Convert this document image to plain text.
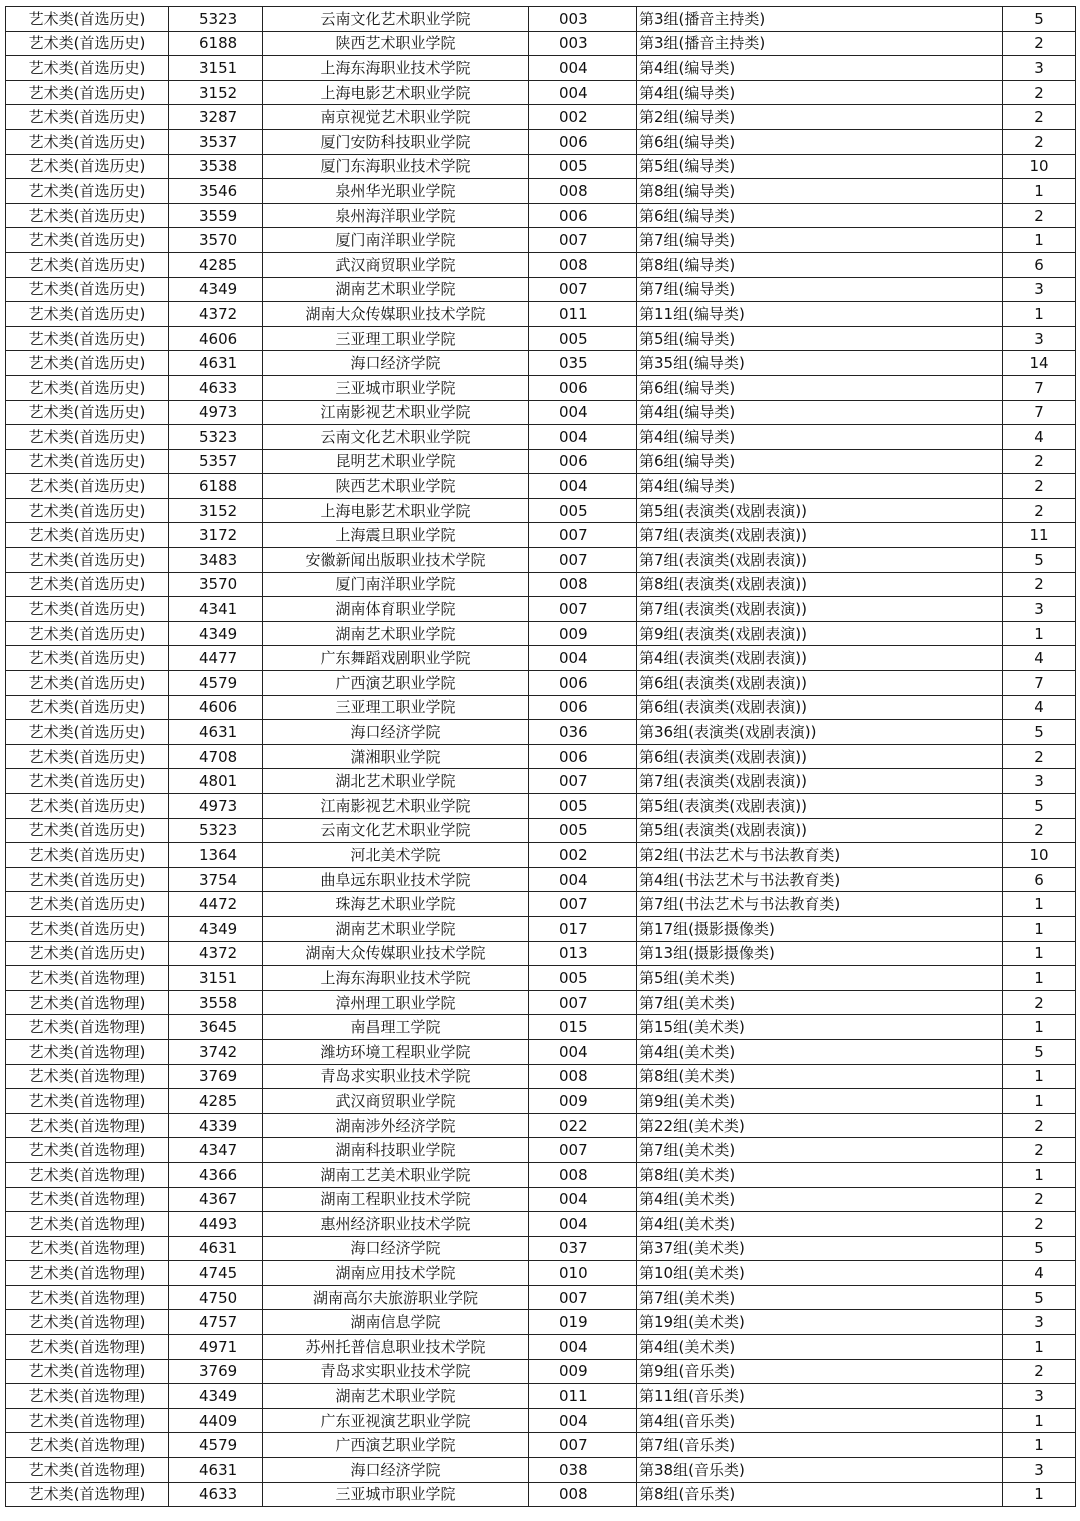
艺术类(首选历史)	5323	云南文化艺术职业学院	003	第3组(播音主持类)	5
艺术类(首选历史)	6188	陕西艺术职业学院	003	第3组(播音主持类)	2
艺术类(首选历史)	3151	上海东海职业技术学院	004	第4组(编导类)	3
艺术类(首选历史)	3152	上海电影艺术职业学院	004	第4组(编导类)	2
艺术类(首选历史)	3287	南京视觉艺术职业学院	002	第2组(编导类)	2
艺术类(首选历史)	3537	厦门安防科技职业学院	006	第6组(编导类)	2
艺术类(首选历史)	3538	厦门东海职业技术学院	005	第5组(编导类)	10
艺术类(首选历史)	3546	泉州华光职业学院	008	第8组(编导类)	1
艺术类(首选历史)	3559	泉州海洋职业学院	006	第6组(编导类)	2
艺术类(首选历史)	3570	厦门南洋职业学院	007	第7组(编导类)	1
艺术类(首选历史)	4285	武汉商贸职业学院	008	第8组(编导类)	6
艺术类(首选历史)	4349	湖南艺术职业学院	007	第7组(编导类)	3
艺术类(首选历史)	4372	湖南大众传媒职业技术学院	011	第11组(编导类)	1
艺术类(首选历史)	4606	三亚理工职业学院	005	第5组(编导类)	3
艺术类(首选历史)	4631	海口经济学院	035	第35组(编导类)	14
艺术类(首选历史)	4633	三亚城市职业学院	006	第6组(编导类)	7
艺术类(首选历史)	4973	江南影视艺术职业学院	004	第4组(编导类)	7
艺术类(首选历史)	5323	云南文化艺术职业学院	004	第4组(编导类)	4
艺术类(首选历史)	5357	昆明艺术职业学院	006	第6组(编导类)	2
艺术类(首选历史)	6188	陕西艺术职业学院	004	第4组(编导类)	2
艺术类(首选历史)	3152	上海电影艺术职业学院	005	第5组(表演类(戏剧表演))	2
艺术类(首选历史)	3172	上海震旦职业学院	007	第7组(表演类(戏剧表演))	11
艺术类(首选历史)	3483	安徽新闻出版职业技术学院	007	第7组(表演类(戏剧表演))	5
艺术类(首选历史)	3570	厦门南洋职业学院	008	第8组(表演类(戏剧表演))	2
艺术类(首选历史)	4341	湖南体育职业学院	007	第7组(表演类(戏剧表演))	3
艺术类(首选历史)	4349	湖南艺术职业学院	009	第9组(表演类(戏剧表演))	1
艺术类(首选历史)	4477	广东舞蹈戏剧职业学院	004	第4组(表演类(戏剧表演))	4
艺术类(首选历史)	4579	广西演艺职业学院	006	第6组(表演类(戏剧表演))	7
艺术类(首选历史)	4606	三亚理工职业学院	006	第6组(表演类(戏剧表演))	4
艺术类(首选历史)	4631	海口经济学院	036	第36组(表演类(戏剧表演))	5
艺术类(首选历史)	4708	潇湘职业学院	006	第6组(表演类(戏剧表演))	2
艺术类(首选历史)	4801	湖北艺术职业学院	007	第7组(表演类(戏剧表演))	3
艺术类(首选历史)	4973	江南影视艺术职业学院	005	第5组(表演类(戏剧表演))	5
艺术类(首选历史)	5323	云南文化艺术职业学院	005	第5组(表演类(戏剧表演))	2
艺术类(首选历史)	1364	河北美术学院	002	第2组(书法艺术与书法教育类)	10
艺术类(首选历史)	3754	曲阜远东职业技术学院	004	第4组(书法艺术与书法教育类)	6
艺术类(首选历史)	4472	珠海艺术职业学院	007	第7组(书法艺术与书法教育类)	1
艺术类(首选历史)	4349	湖南艺术职业学院	017	第17组(摄影摄像类)	1
艺术类(首选历史)	4372	湖南大众传媒职业技术学院	013	第13组(摄影摄像类)	1
艺术类(首选物理)	3151	上海东海职业技术学院	005	第5组(美术类)	1
艺术类(首选物理)	3558	漳州理工职业学院	007	第7组(美术类)	2
艺术类(首选物理)	3645	南昌理工学院	015	第15组(美术类)	1
艺术类(首选物理)	3742	潍坊环境工程职业学院	004	第4组(美术类)	5
艺术类(首选物理)	3769	青岛求实职业技术学院	008	第8组(美术类)	1
艺术类(首选物理)	4285	武汉商贸职业学院	009	第9组(美术类)	1
艺术类(首选物理)	4339	湖南涉外经济学院	022	第22组(美术类)	2
艺术类(首选物理)	4347	湖南科技职业学院	007	第7组(美术类)	2
艺术类(首选物理)	4366	湖南工艺美术职业学院	008	第8组(美术类)	1
艺术类(首选物理)	4367	湖南工程职业技术学院	004	第4组(美术类)	2
艺术类(首选物理)	4493	惠州经济职业技术学院	004	第4组(美术类)	2
艺术类(首选物理)	4631	海口经济学院	037	第37组(美术类)	5
艺术类(首选物理)	4745	湖南应用技术学院	010	第10组(美术类)	4
艺术类(首选物理)	4750	湖南高尔夫旅游职业学院	007	第7组(美术类)	5
艺术类(首选物理)	4757	湖南信息学院	019	第19组(美术类)	3
艺术类(首选物理)	4971	苏州托普信息职业技术学院	004	第4组(美术类)	1
艺术类(首选物理)	3769	青岛求实职业技术学院	009	第9组(音乐类)	2
艺术类(首选物理)	4349	湖南艺术职业学院	011	第11组(音乐类)	3
艺术类(首选物理)	4409	广东亚视演艺职业学院	004	第4组(音乐类)	1
艺术类(首选物理)	4579	广西演艺职业学院	007	第7组(音乐类)	1
艺术类(首选物理)	4631	海口经济学院	038	第38组(音乐类)	3
艺术类(首选物理)	4633	三亚城市职业学院	008	第8组(音乐类)	1
